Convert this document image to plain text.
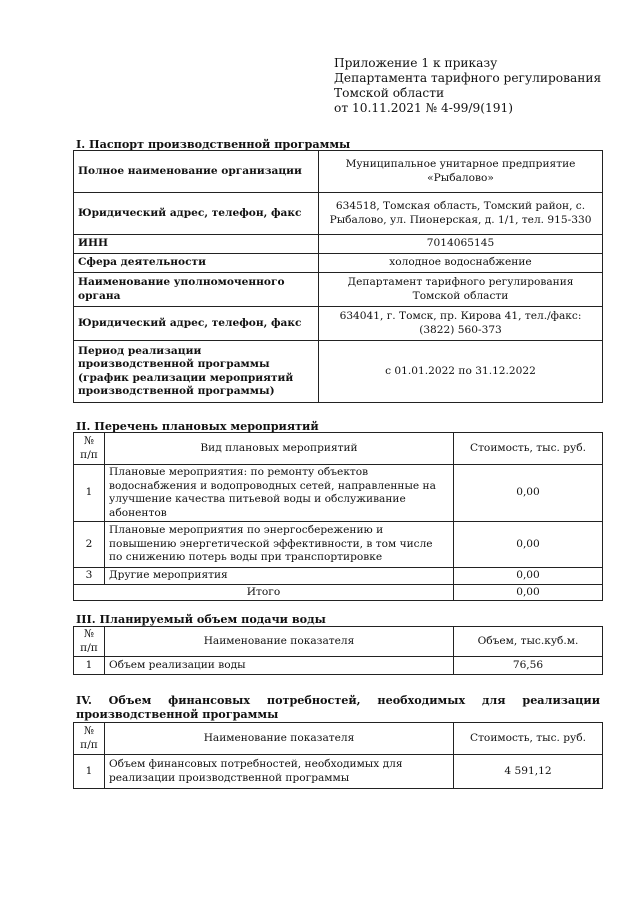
Приложение 1 к приказу
Департамента тарифного регулирования
Томской области
от 10.11.2021 № 4-99/9(191)
I. Паспорт производственной программы
Полное наименование организации	Муниципальное унитарное предприятие «Рыбалово»
Юридический адрес, телефон, факс	634518, Томская область, Томский район, с. Рыбалово, ул. Пионерская, д. 1/1, тел. 915-330
ИНН	7014065145
Сфера деятельности	холодное водоснабжение
Наименование уполномоченного органа	Департамент тарифного регулирования Томской области
Юридический адрес, телефон, факс	634041, г. Томск, пр. Кирова 41, тел./факс: (3822) 560-373
Период реализации производственной программы (график реализации мероприятий производственной программы)	с 01.01.2022 по 31.12.2022
II. Перечень плановых мероприятий
№ п/п	Вид плановых мероприятий	Стоимость, тыс. руб.
1	Плановые мероприятия: по ремонту объектов водоснабжения и водопроводных сетей, направленные на улучшение качества питьевой воды и обслуживание абонентов	0,00
2	Плановые мероприятия по энергосбережению и повышению энергетической эффективности, в том числе по снижению потерь воды при транспортировке	0,00
3	Другие мероприятия	0,00
Итого		0,00
III. Планируемый объем подачи воды
№ п/п	Наименование показателя	Объем, тыс.куб.м.
1	Объем реализации воды	76,56
IV. Объем финансовых потребностей, необходимых для реализации производственной программы
№ п/п	Наименование показателя	Стоимость, тыс. руб.
1	Объем финансовых потребностей, необходимых для реализации производственной программы	4 591,12
